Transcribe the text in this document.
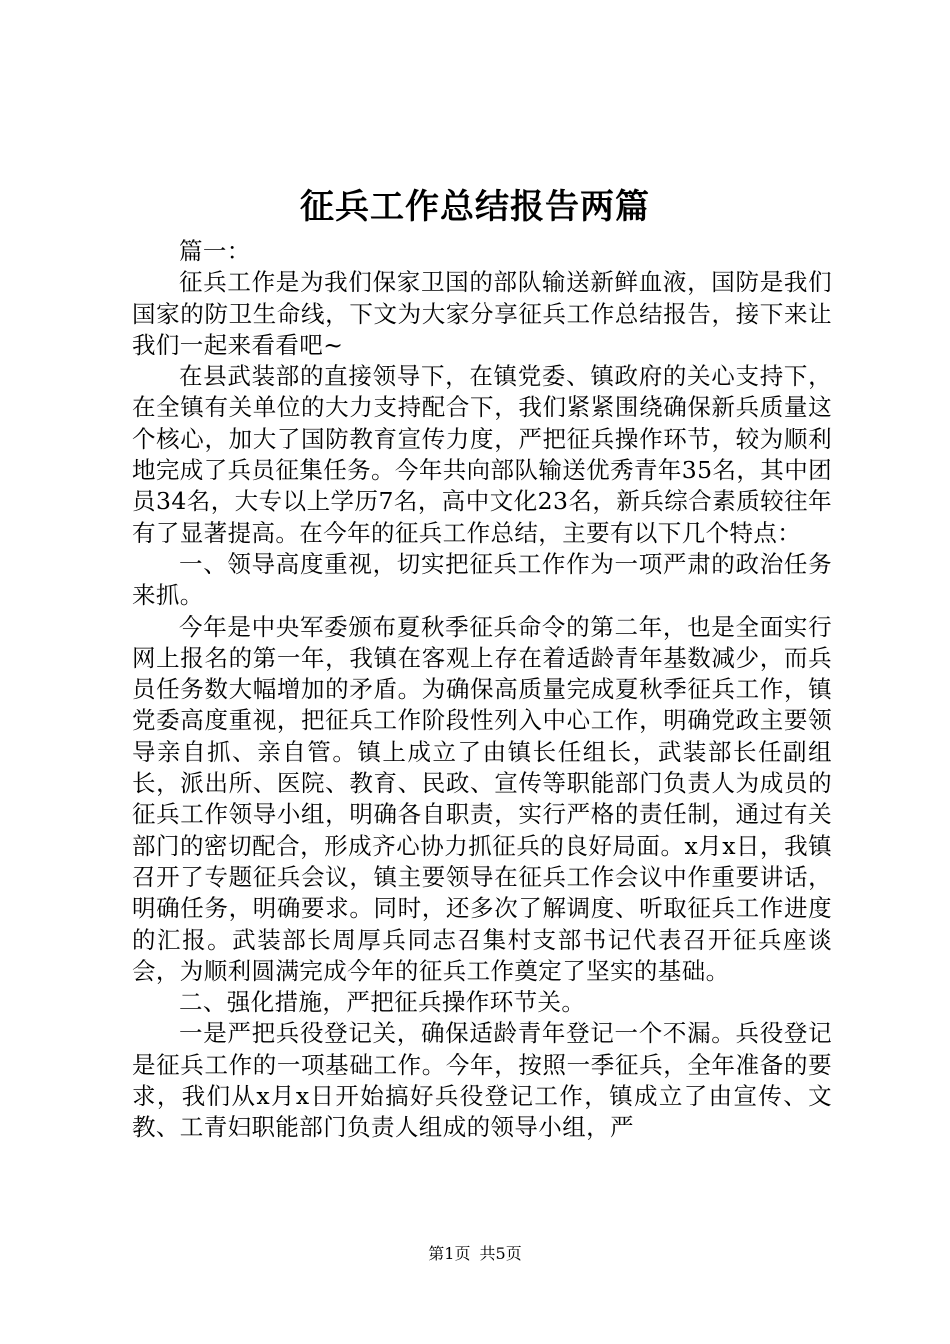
征兵工作总结报告两篇

篇一：

征兵工作是为我们保家卫国的部队输送新鲜血液，国防是我们国家的防卫生命线，下文为大家分享征兵工作总结报告，接下来让我们一起来看看吧~

在县武装部的直接领导下，在镇党委、镇政府的关心支持下，在全镇有关单位的大力支持配合下，我们紧紧围绕确保新兵质量这个核心，加大了国防教育宣传力度，严把征兵操作环节，较为顺利地完成了兵员征集任务。今年共向部队输送优秀青年35名，其中团员34名，大专以上学历7名，高中文化23名，新兵综合素质较往年有了显著提高。在今年的征兵工作总结，主要有以下几个特点：

一、领导高度重视，切实把征兵工作作为一项严肃的政治任务来抓。

今年是中央军委颁布夏秋季征兵命令的第二年，也是全面实行网上报名的第一年，我镇在客观上存在着适龄青年基数减少，而兵员任务数大幅增加的矛盾。为确保高质量完成夏秋季征兵工作，镇党委高度重视，把征兵工作阶段性列入中心工作，明确党政主要领导亲自抓、亲自管。镇上成立了由镇长任组长，武装部长任副组长，派出所、医院、教育、民政、宣传等职能部门负责人为成员的征兵工作领导小组，明确各自职责，实行严格的责任制，通过有关部门的密切配合，形成齐心协力抓征兵的良好局面。x月x日，我镇召开了专题征兵会议，镇主要领导在征兵工作会议中作重要讲话，明确任务，明确要求。同时，还多次了解调度、听取征兵工作进度的汇报。武装部长周厚兵同志召集村支部书记代表召开征兵座谈会，为顺利圆满完成今年的征兵工作奠定了坚实的基础。

二、强化措施，严把征兵操作环节关。

一是严把兵役登记关，确保适龄青年登记一个不漏。兵役登记是征兵工作的一项基础工作。今年，按照一季征兵，全年准备的要求，我们从x月x日开始搞好兵役登记工作，镇成立了由宣传、文教、工青妇职能部门负责人组成的领导小组，严

第1页 共5页
